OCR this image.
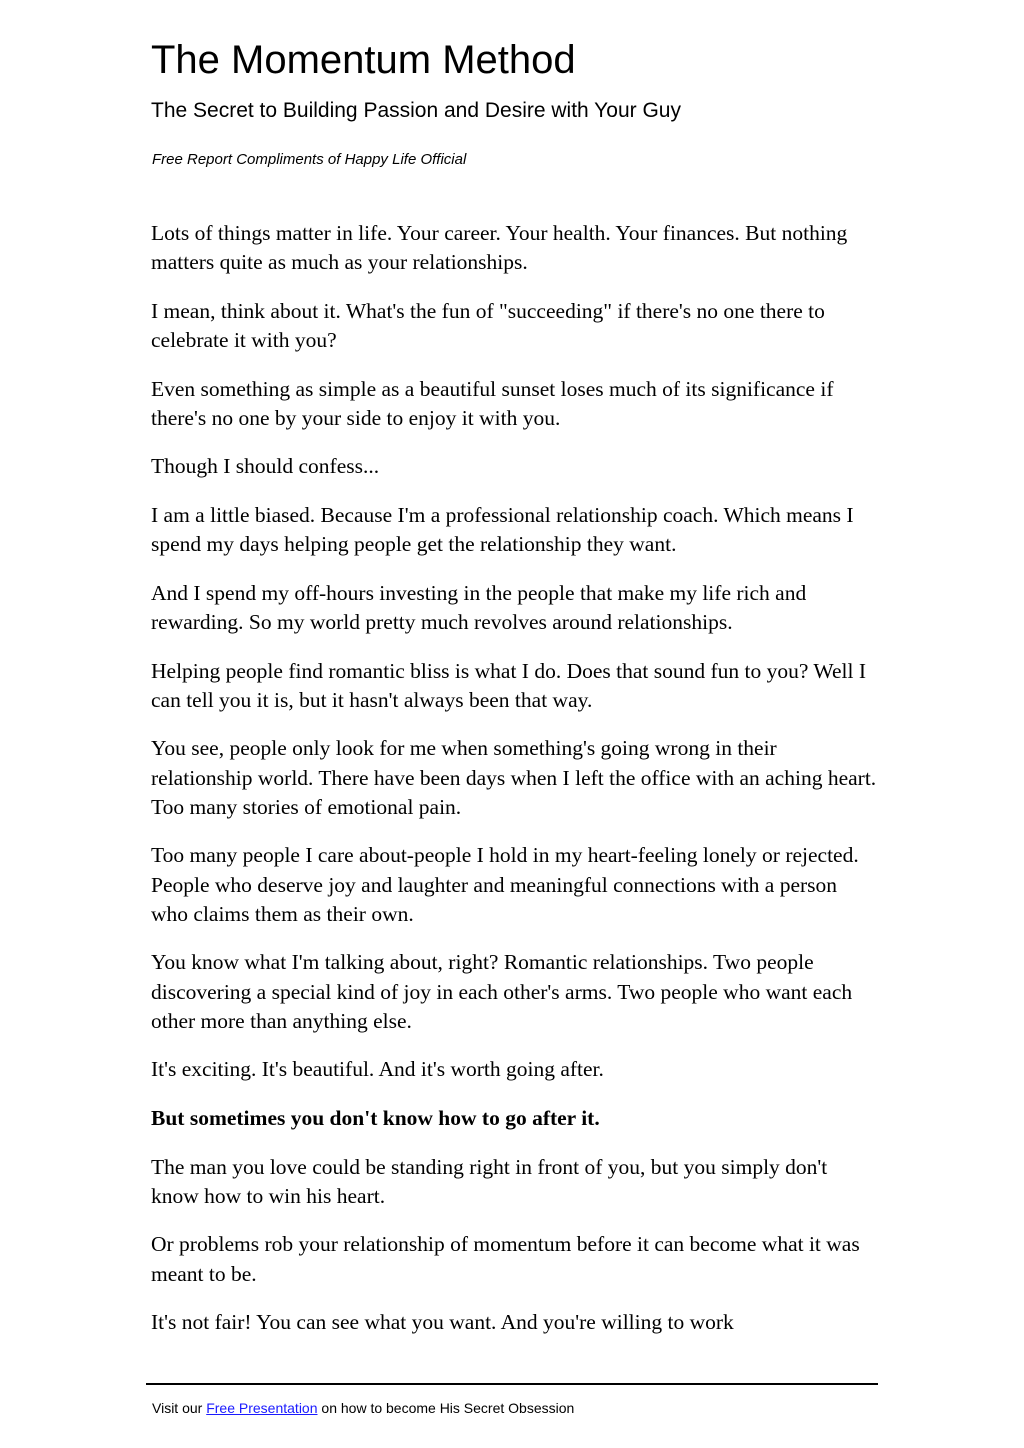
The Momentum Method
The Secret to Building Passion and Desire with Your Guy

Free Report Compliments of Happy Life Official

Lots of things matter in life. Your career. Your health. Your finances. But nothing matters quite as much as your relationships.

I mean, think about it. What's the fun of "succeeding" if there's no one there to celebrate it with you?

Even something as simple as a beautiful sunset loses much of its significance if there's no one by your side to enjoy it with you.

Though I should confess...

I am a little biased. Because I'm a professional relationship coach. Which means I spend my days helping people get the relationship they want.

And I spend my off-hours investing in the people that make my life rich and rewarding. So my world pretty much revolves around relationships.

Helping people find romantic bliss is what I do. Does that sound fun to you? Well I can tell you it is, but it hasn't always been that way.

You see, people only look for me when something's going wrong in their relationship world. There have been days when I left the office with an aching heart. Too many stories of emotional pain.

Too many people I care about-people I hold in my heart-feeling lonely or rejected. People who deserve joy and laughter and meaningful connections with a person who claims them as their own.

You know what I'm talking about, right? Romantic relationships. Two people discovering a special kind of joy in each other's arms. Two people who want each other more than anything else.

It's exciting. It's beautiful. And it's worth going after.

But sometimes you don't know how to go after it.

The man you love could be standing right in front of you, but you simply don't know how to win his heart.

Or problems rob your relationship of momentum before it can become what it was meant to be.

It's not fair! You can see what you want. And you're willing to work

Visit our Free Presentation on how to become His Secret Obsession
